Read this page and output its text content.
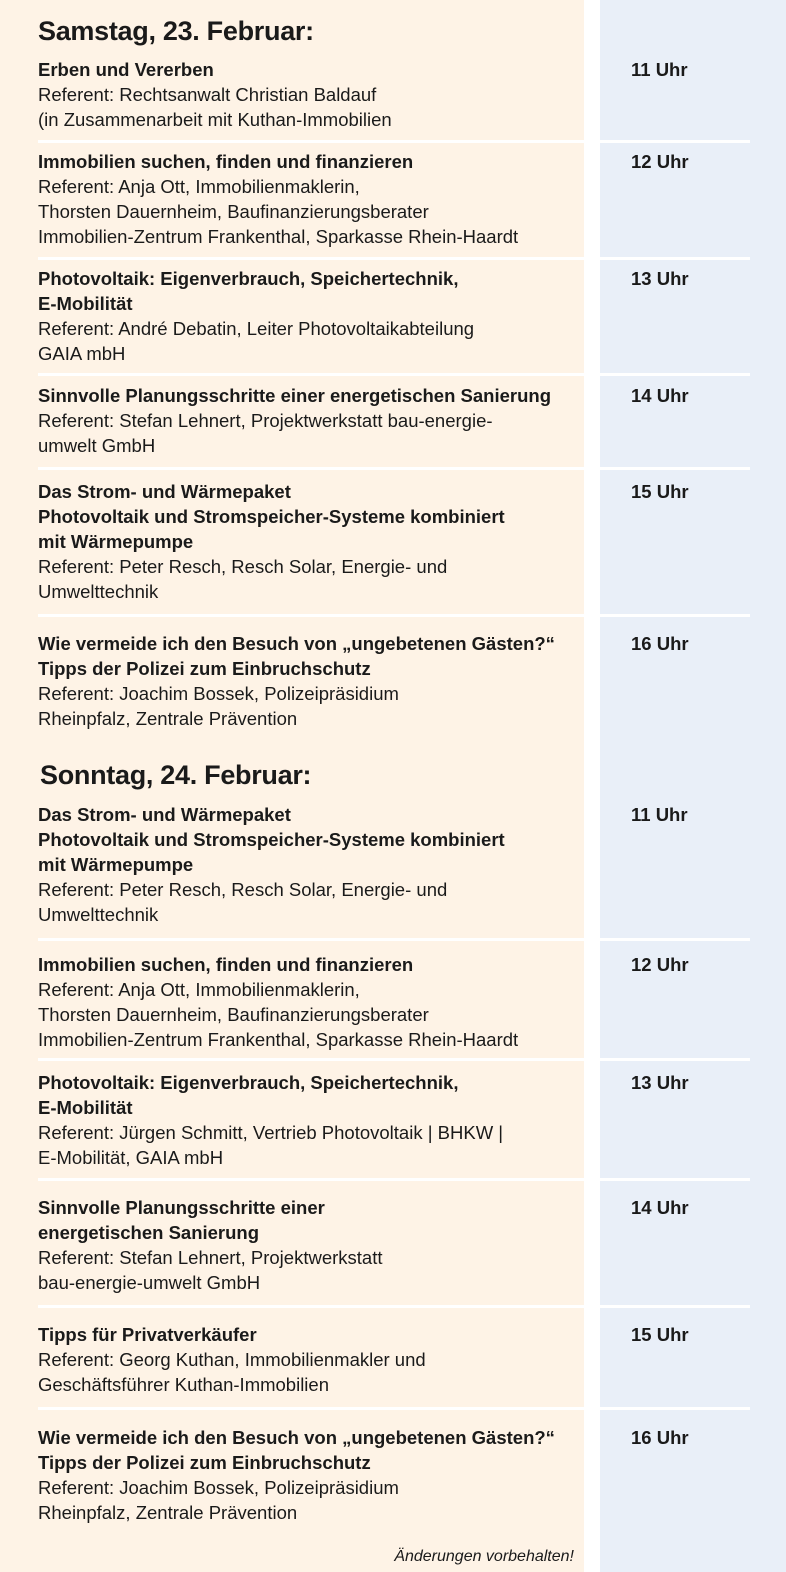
Samstag, 23. Februar:
Erben und Vererben
Referent: Rechtsanwalt Christian Baldauf
(in Zusammenarbeit mit Kuthan-Immobilien
11 Uhr
Immobilien suchen, finden und finanzieren
Referent: Anja Ott, Immobilienmaklerin,
Thorsten Dauernheim, Baufinanzierungsberater
Immobilien-Zentrum Frankenthal, Sparkasse Rhein-Haardt
12 Uhr
Photovoltaik: Eigenverbrauch, Speichertechnik,
E-Mobilität
Referent: André Debatin, Leiter Photovoltaikabteilung
GAIA mbH
13 Uhr
Sinnvolle Planungsschritte einer energetischen Sanierung
Referent: Stefan Lehnert, Projektwerkstatt bau-energie-
umwelt GmbH
14 Uhr
Das Strom- und Wärmepaket
Photovoltaik und Stromspeicher-Systeme kombiniert
mit Wärmepumpe
Referent: Peter Resch, Resch Solar, Energie- und
Umwelttechnik
15 Uhr
Wie vermeide ich den Besuch von „ungebetenen Gästen?“
Tipps der Polizei zum Einbruchschutz
Referent: Joachim Bossek, Polizeipräsidium
Rheinpfalz, Zentrale Prävention
16 Uhr
Sonntag, 24. Februar:
Das Strom- und Wärmepaket
Photovoltaik und Stromspeicher-Systeme kombiniert
mit Wärmepumpe
Referent: Peter Resch, Resch Solar, Energie- und
Umwelttechnik
11 Uhr
Immobilien suchen, finden und finanzieren
Referent: Anja Ott, Immobilienmaklerin,
Thorsten Dauernheim, Baufinanzierungsberater
Immobilien-Zentrum Frankenthal, Sparkasse Rhein-Haardt
12 Uhr
Photovoltaik: Eigenverbrauch, Speichertechnik,
E-Mobilität
Referent: Jürgen Schmitt, Vertrieb Photovoltaik | BHKW |
E-Mobilität, GAIA mbH
13 Uhr
Sinnvolle Planungsschritte einer
energetischen Sanierung
Referent: Stefan Lehnert, Projektwerkstatt
bau-energie-umwelt GmbH
14 Uhr
Tipps für Privatverkäufer
Referent: Georg Kuthan, Immobilienmakler und
Geschäftsführer Kuthan-Immobilien
15 Uhr
Wie vermeide ich den Besuch von „ungebetenen Gästen?“
Tipps der Polizei zum Einbruchschutz
Referent: Joachim Bossek, Polizeipräsidium
Rheinpfalz, Zentrale Prävention
16 Uhr
Änderungen vorbehalten!
